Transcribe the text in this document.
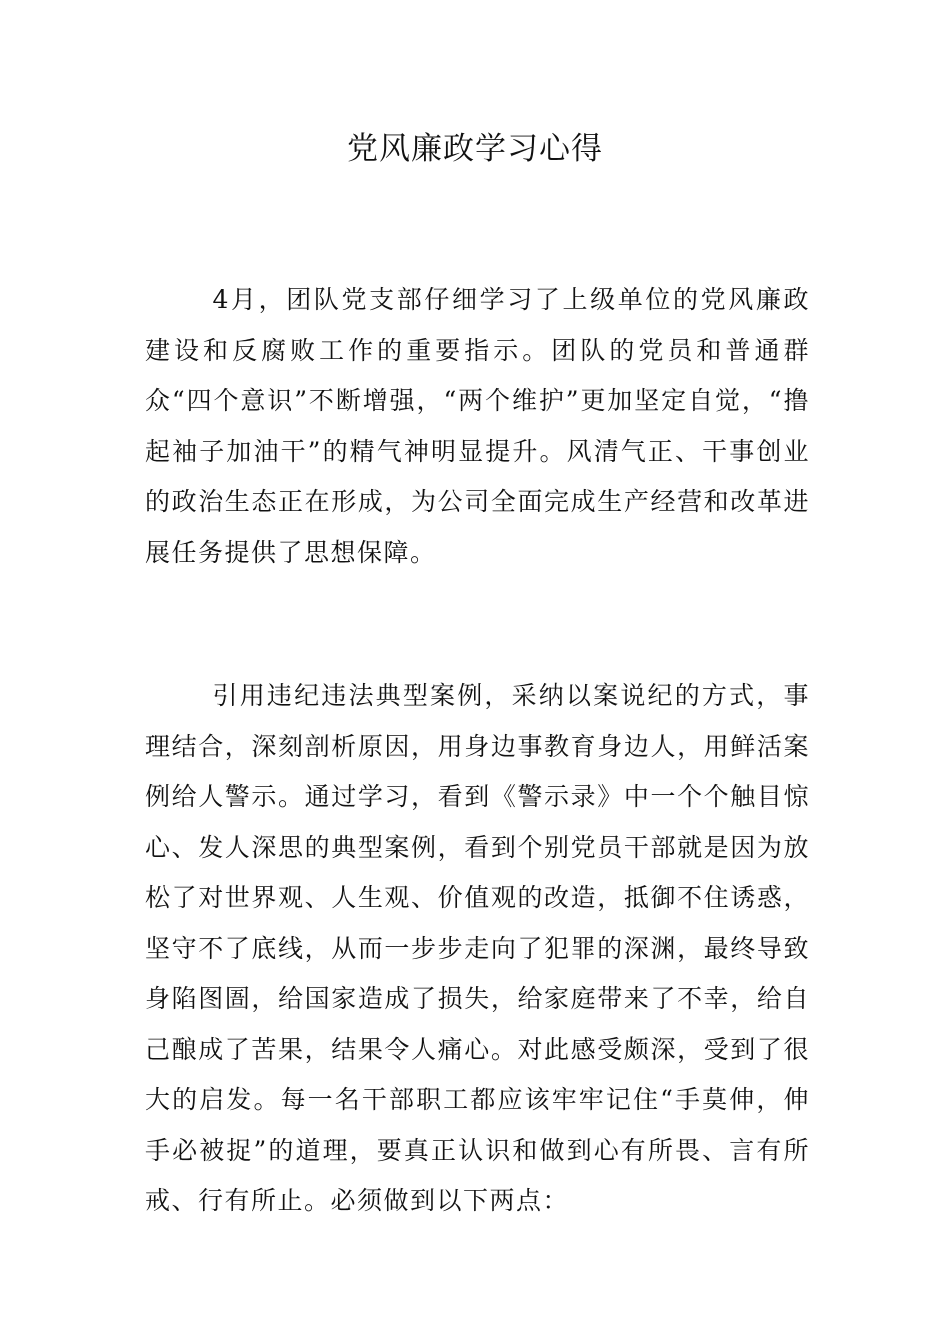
党风廉政学习心得

4月，团队党支部仔细学习了上级单位的党风廉政建设和反腐败工作的重要指示。团队的党员和普通群众“四个意识”不断增强，“两个维护”更加坚定自觉，“撸起袖子加油干”的精气神明显提升。风清气正、干事创业的政治生态正在形成，为公司全面完成生产经营和改革进展任务提供了思想保障。

引用违纪违法典型案例，采纳以案说纪的方式，事理结合，深刻剖析原因，用身边事教育身边人，用鲜活案例给人警示。通过学习，看到《警示录》中一个个触目惊心、发人深思的典型案例，看到个别党员干部就是因为放松了对世界观、人生观、价值观的改造，抵御不住诱惑，坚守不了底线，从而一步步走向了犯罪的深渊，最终导致身陷图圄，给国家造成了损失，给家庭带来了不幸，给自己酿成了苦果，结果令人痛心。对此感受颇深，受到了很大的启发。每一名干部职工都应该牢牢记住“手莫伸，伸手必被捉”的道理，要真正认识和做到心有所畏、言有所戒、行有所止。必须做到以下两点：
